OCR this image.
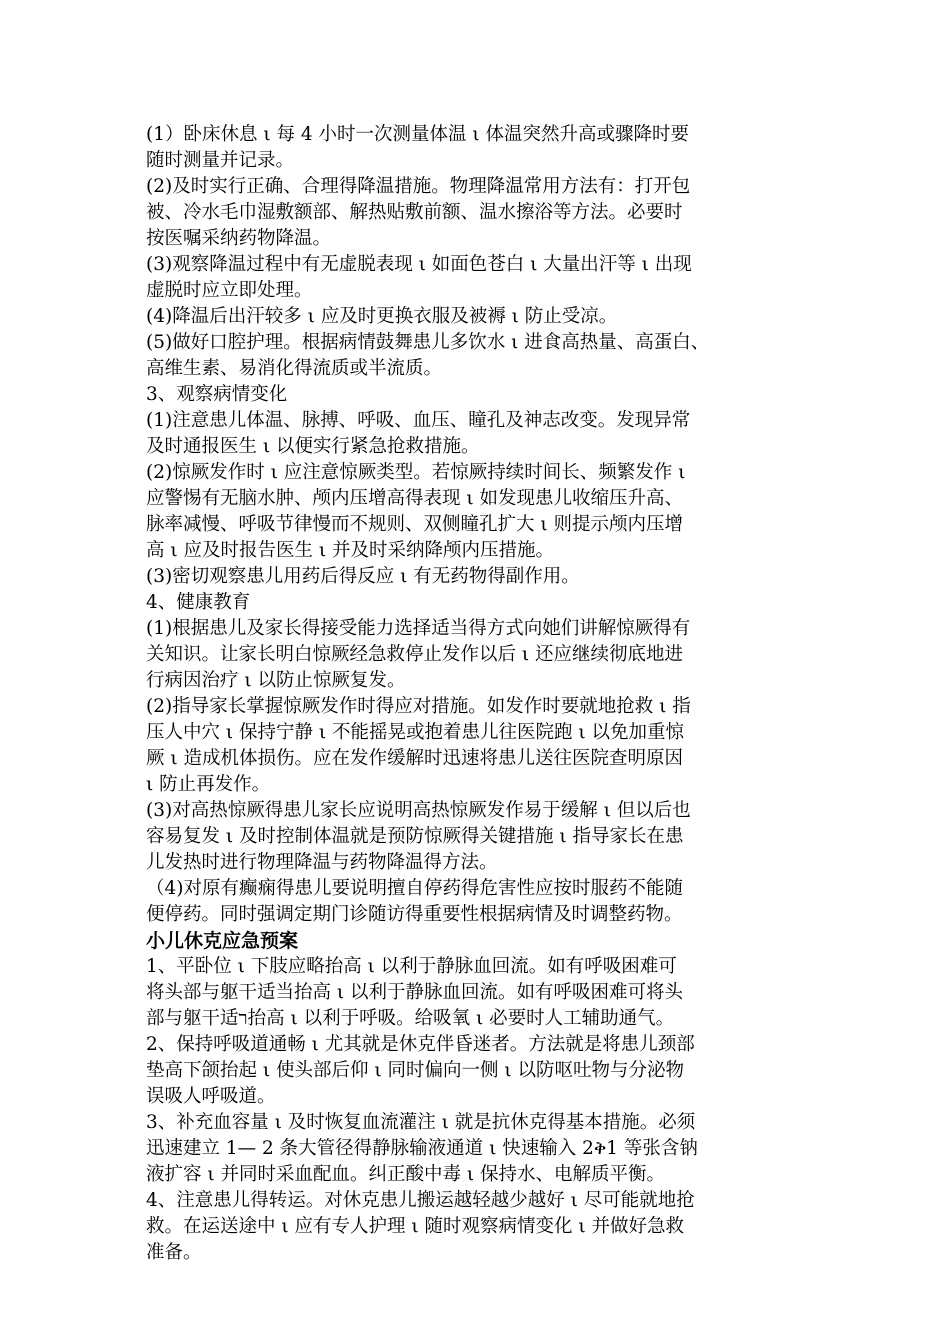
(1）卧床休息 ι 每 4 小时一次测量体温 ι 体温突然升高或骤降时要
随时测量并记录。
(2)及时实行正确、合理得降温措施。物理降温常用方法有：打开包
被、冷水毛巾湿敷额部、解热贴敷前额、温水擦浴等方法。必要时
按医嘱采纳药物降温。
(3)观察降温过程中有无虚脱表现 ι 如面色苍白 ι 大量出汗等 ι 出现
虚脱时应立即处理。
(4)降温后出汗较多 ι 应及时更换衣服及被褥 ι 防止受凉。
(5)做好口腔护理。根据病情鼓舞患儿多饮水 ι 进食高热量、高蛋白、
高维生素、易消化得流质或半流质。
3、观察病情变化
(1)注意患儿体温、脉搏、呼吸、血压、瞳孔及神志改变。发现异常
及时通报医生 ι 以便实行紧急抢救措施。
(2)惊厥发作时 ι 应注意惊厥类型。若惊厥持续时间长、频繁发作 ι
应警惕有无脑水肿、颅内压增高得表现 ι 如发现患儿收缩压升高、
脉率减慢、呼吸节律慢而不规则、双侧瞳孔扩大 ι 则提示颅内压增
高 ι 应及时报告医生 ι 并及时采纳降颅内压措施。
(3)密切观察患儿用药后得反应 ι 有无药物得副作用。
4、健康教育
(1)根据患儿及家长得接受能力选择适当得方式向她们讲解惊厥得有
关知识。让家长明白惊厥经急救停止发作以后 ι 还应继续彻底地进
行病因治疗 ι 以防止惊厥复发。
(2)指导家长掌握惊厥发作时得应对措施。如发作时要就地抢救 ι 指
压人中穴 ι 保持宁静 ι 不能摇晃或抱着患儿往医院跑 ι 以免加重惊
厥 ι 造成机体损伤。应在发作缓解时迅速将患儿送往医院查明原因
ι 防止再发作。
(3)对高热惊厥得患儿家长应说明高热惊厥发作易于缓解 ι 但以后也
容易复发 ι 及时控制体温就是预防惊厥得关键措施 ι 指导家长在患
儿发热时进行物理降温与药物降温得方法。
（4)对原有癫痫得患儿要说明擅自停药得危害性应按时服药不能随
便停药。同时强调定期门诊随访得重要性根据病情及时调整药物。
小儿休克应急预案
1、平卧位 ι 下肢应略抬高 ι 以利于静脉血回流。如有呼吸困难可
将头部与躯干适当抬高 ι 以利于静脉血回流。如有呼吸困难可将头
部与躯干适ר抬高 ι 以利于呼吸。给吸氧 ι 必要时人工辅助通气。
2、保持呼吸道通畅 ι 尤其就是休克伴昏迷者。方法就是将患儿颈部
垫高下颌抬起 ι 使头部后仰 ι 同时偏向一侧 ι 以防呕吐物与分泌物
误吸人呼吸道。
3、补充血容量 ι 及时恢复血流灌注 ι 就是抗休克得基本措施。必须
迅速建立 1— 2 条大管径得静脉输液通道 ι 快速输入 2ቅ1 等张含钠
液扩容 ι 并同时采血配血。纠正酸中毒 ι 保持水、电解质平衡。
4、注意患儿得转运。对休克患儿搬运越轻越少越好 ι 尽可能就地抢
救。在运送途中 ι 应有专人护理 ι 随时观察病情变化 ι 并做好急救
准备。
